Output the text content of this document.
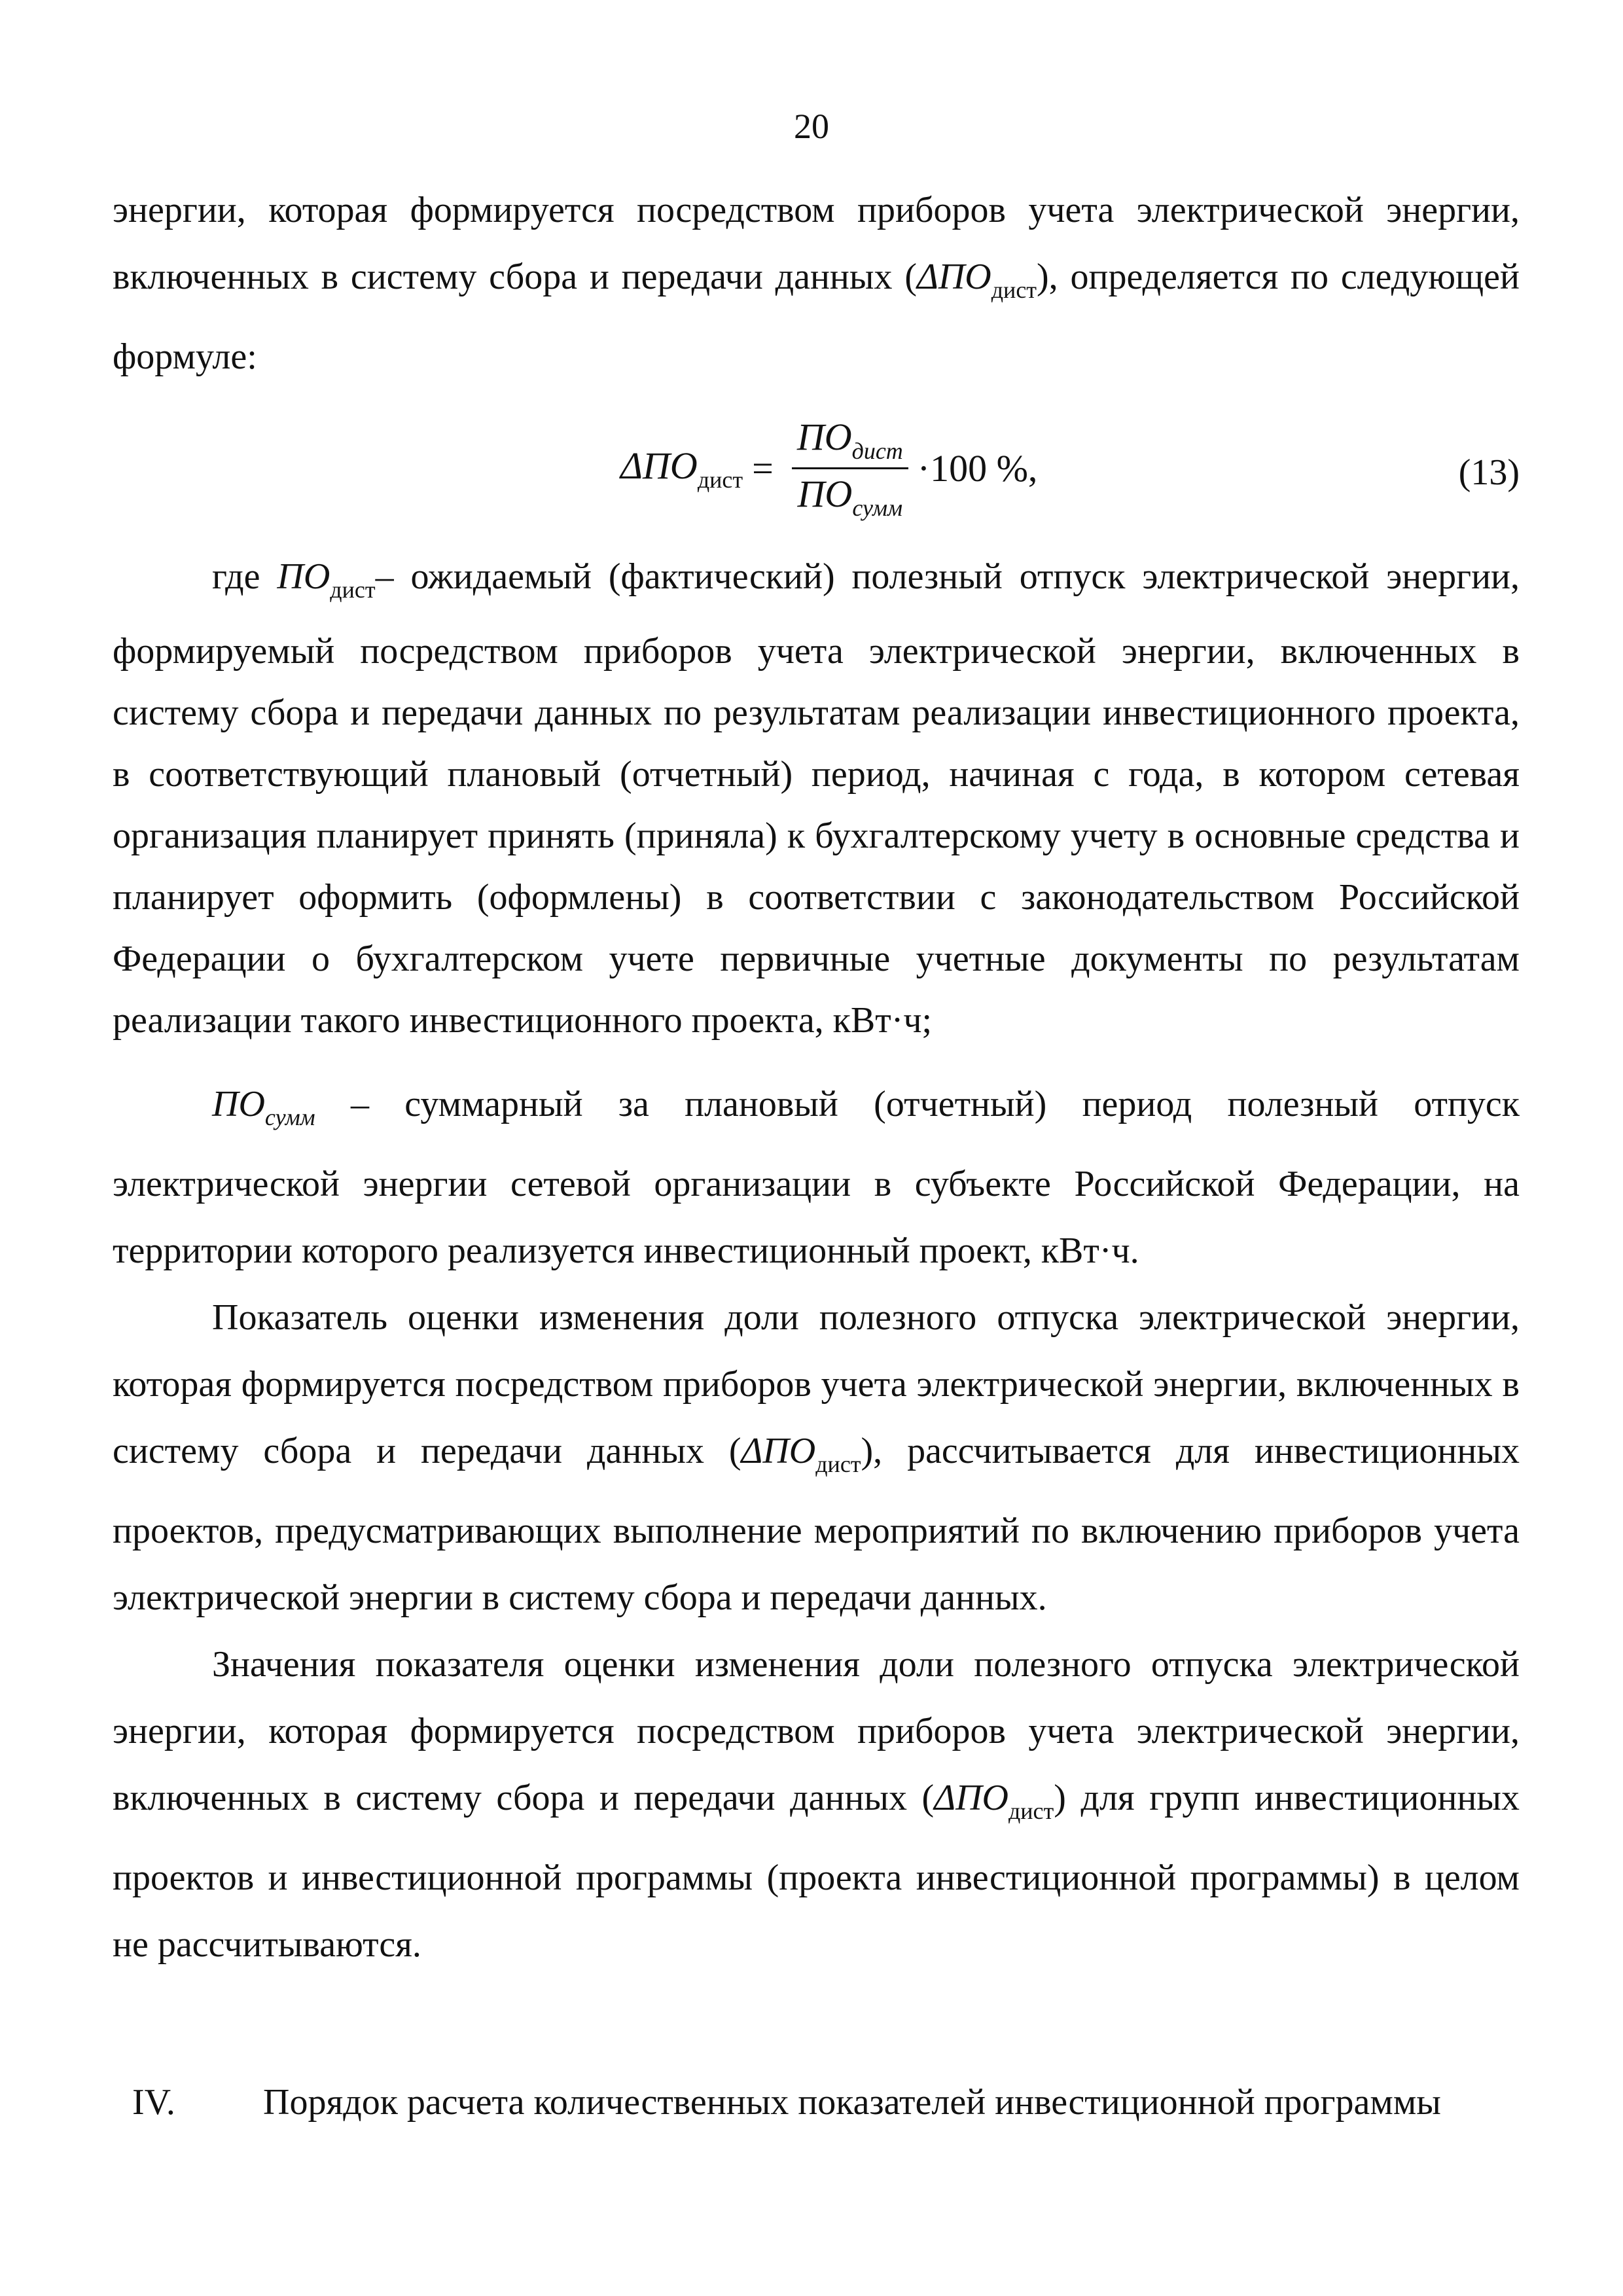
20

энергии, которая формируется посредством приборов учета электрической энергии, включенных в систему сбора и передачи данных $(\Delta ПО_{дист})$, определяется по следующей формуле:

$\Delta ПО_{дист} = \frac{ПО_{дист}}{ПО_{сумм}} \cdot 100$ %,	(13)

где $ПО_{дист}-$ ожидаемый (фактический) полезный отпуск электрической энергии, формируемый посредством приборов учета электрической энергии, включенных в систему сбора и передачи данных по результатам реализации инвестиционного проекта, в соответствующий плановый (отчетный) период, начиная с года, в котором сетевая организация планирует принять (приняла) к бухгалтерскому учету в основные средства и планирует оформить (оформлены) в соответствии с законодательством Российской Федерации о бухгалтерском учете первичные учетные документы по результатам реализации такого инвестиционного проекта, кВт·ч;

$ПО_{сумм}$ – суммарный за плановый (отчетный) период полезный отпуск электрической энергии сетевой организации в субъекте Российской Федерации, на территории которого реализуется инвестиционный проект, кВт·ч.

Показатель оценки изменения доли полезного отпуска электрической энергии, которая формируется посредством приборов учета электрической энергии, включенных в систему сбора и передачи данных $(\Delta ПО_{дист})$, рассчитывается для инвестиционных проектов, предусматривающих выполнение мероприятий по включению приборов учета электрической энергии в систему сбора и передачи данных.

Значения показателя оценки изменения доли полезного отпуска электрической энергии, которая формируется посредством приборов учета электрической энергии, включенных в систему сбора и передачи данных $(\Delta ПО_{дист})$ для групп инвестиционных проектов и инвестиционной программы (проекта инвестиционной программы) в целом не рассчитываются.

IV.	Порядок расчета количественных показателей инвестиционной программы
